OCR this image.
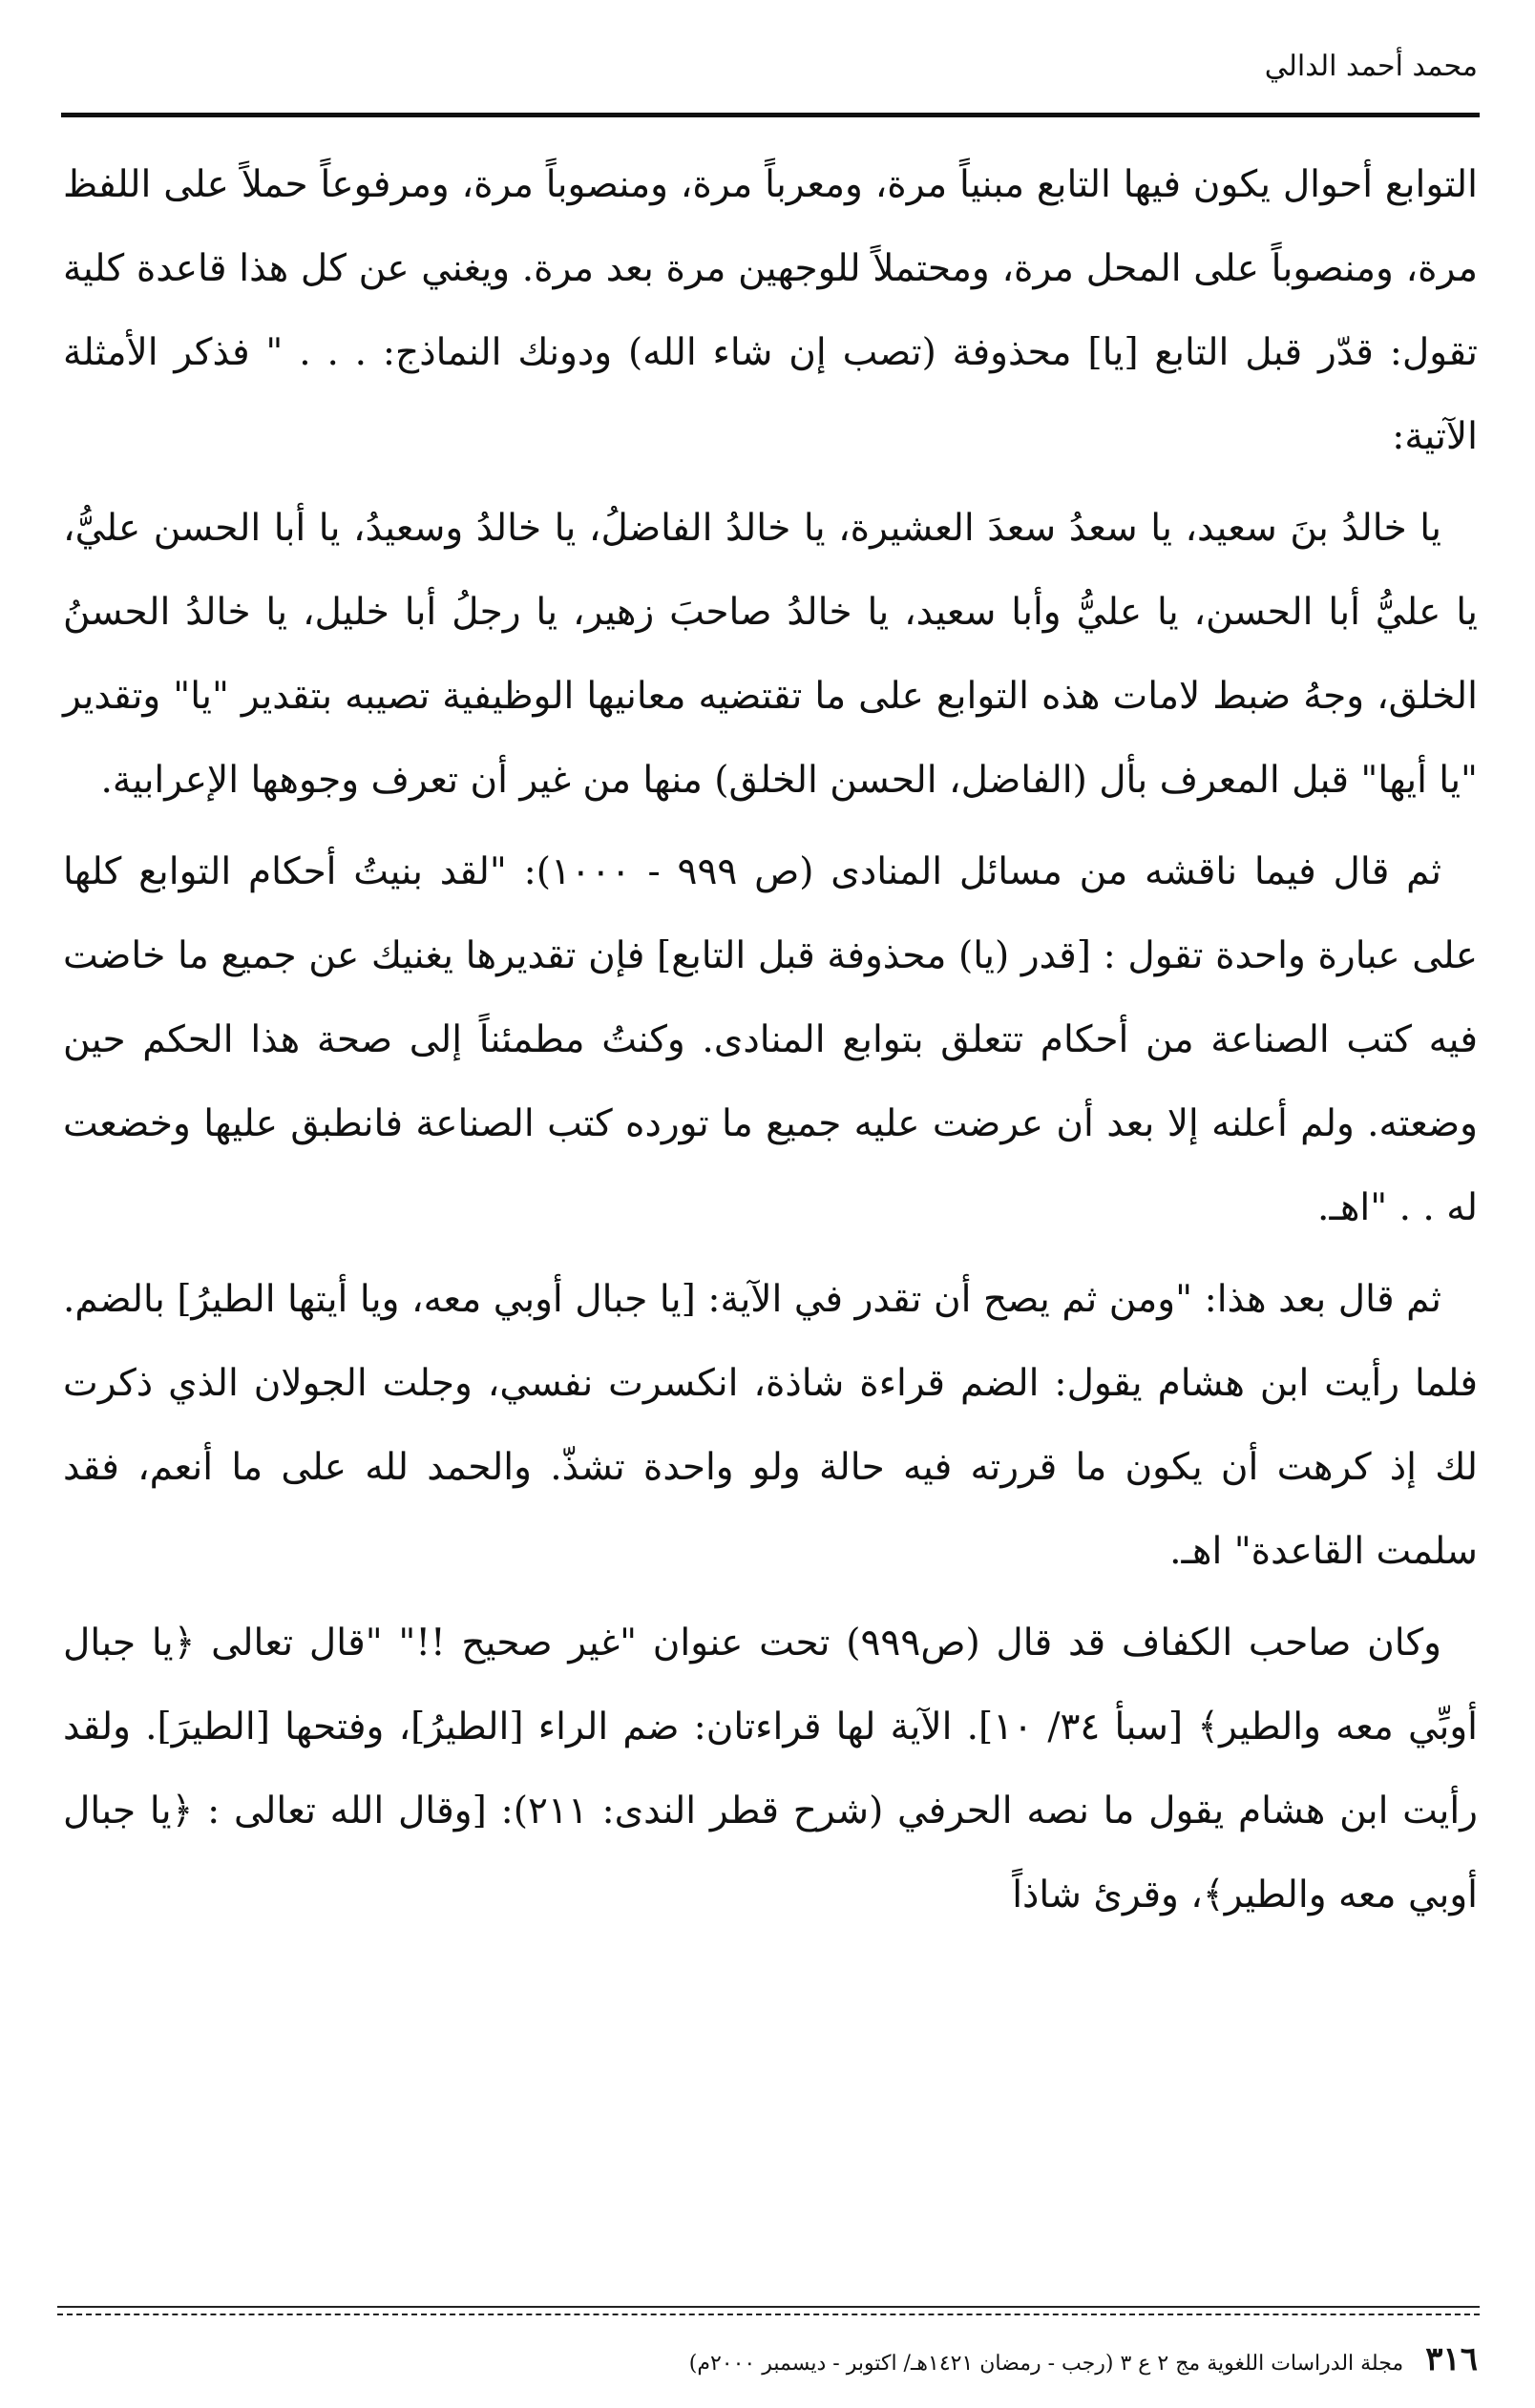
محمد أحمد الدالي

التوابع أحوال يكون فيها التابع مبنياً مرة، ومعرباً مرة، ومنصوباً مرة، ومرفوعاً حملاً على اللفظ مرة، ومنصوباً على المحل مرة، ومحتملاً للوجهين مرة بعد مرة. ويغني عن كل هذا قاعدة كلية تقول: قدّر قبل التابع [يا] محذوفة (تصب إن شاء الله) ودونك النماذج: . . . " فذكر الأمثلة الآتية:

يا خالدُ بنَ سعيد، يا سعدُ سعدَ العشيرة، يا خالدُ الفاضلُ، يا خالدُ وسعيدُ، يا أبا الحسن عليُّ، يا عليُّ أبا الحسن، يا عليُّ وأبا سعيد، يا خالدُ صاحبَ زهير، يا رجلُ أبا خليل، يا خالدُ الحسنُ الخلق، وجهُ ضبط لامات هذه التوابع على ما تقتضيه معانيها الوظيفية تصيبه بتقدير "يا" وتقدير "يا أيها" قبل المعرف بأل (الفاضل، الحسن الخلق) منها من غير أن تعرف وجوهها الإعرابية.

ثم قال فيما ناقشه من مسائل المنادى (ص ٩٩٩ - ١٠٠٠): "لقد بنيتُ أحكام التوابع كلها على عبارة واحدة تقول : [قدر (يا) محذوفة قبل التابع] فإن تقديرها يغنيك عن جميع ما خاضت فيه كتب الصناعة من أحكام تتعلق بتوابع المنادى. وكنتُ مطمئناً إلى صحة هذا الحكم حين وضعته. ولم أعلنه إلا بعد أن عرضت عليه جميع ما تورده كتب الصناعة فانطبق عليها وخضعت له . . "اهـ.

ثم قال بعد هذا: "ومن ثم يصح أن تقدر في الآية: [يا جبال أوبي معه، ويا أيتها الطيرُ] بالضم. فلما رأيت ابن هشام يقول: الضم قراءة شاذة، انكسرت نفسي، وجلت الجولان الذي ذكرت لك إذ كرهت أن يكون ما قررته فيه حالة ولو واحدة تشذّ. والحمد لله على ما أنعم، فقد سلمت القاعدة" اهـ.

وكان صاحب الكفاف قد قال (ص٩٩٩) تحت عنوان "غير صحيح !!" "قال تعالى ﴿يا جبال أوبِّي معه والطير﴾ [سبأ ٣٤/ ١٠]. الآية لها قراءتان: ضم الراء [الطيرُ]، وفتحها [الطيرَ]. ولقد رأيت ابن هشام يقول ما نصه الحرفي (شرح قطر الندى: ٢١١): [وقال الله تعالى : ﴿يا جبال أوبي معه والطير﴾، وقرئ شاذاً

٣١٦ مجلة الدراسات اللغوية مج ٢ ع ٣ (رجب - رمضان ١٤٢١هـ/ اكتوبر - ديسمبر ٢٠٠٠م)
